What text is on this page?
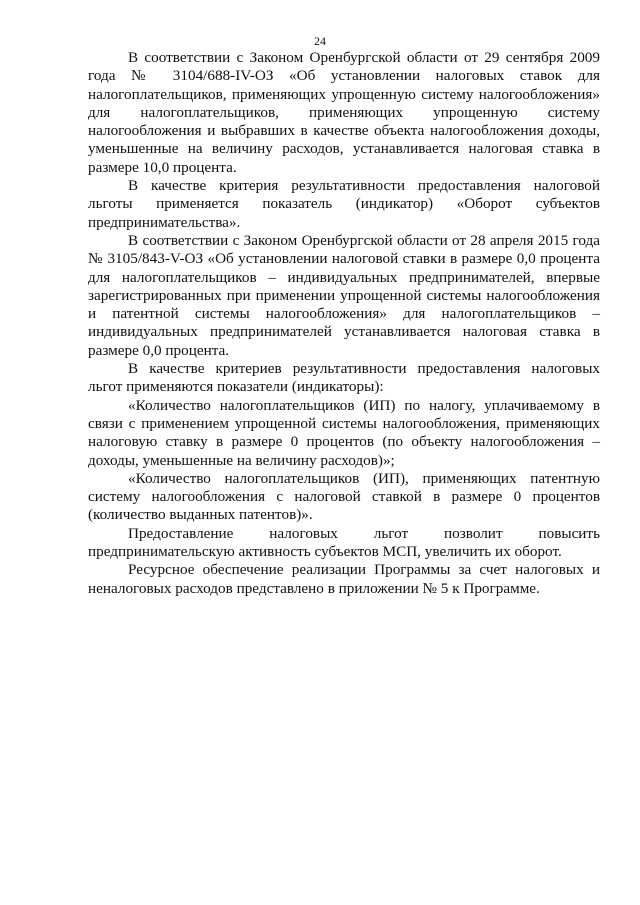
24

В соответствии с Законом Оренбургской области от 29 сентября 2009 года № 3104/688-IV-ОЗ «Об установлении налоговых ставок для налогоплательщиков, применяющих упрощенную систему налогообложения» для налогоплательщиков, применяющих упрощенную систему налогообложения и выбравших в качестве объекта налогообложения доходы, уменьшенные на величину расходов, устанавливается налоговая ставка в размере 10,0 процента.

В качестве критерия результативности предоставления налоговой льготы применяется показатель (индикатор) «Оборот субъектов предпринимательства».

В соответствии с Законом Оренбургской области от 28 апреля 2015 года № 3105/843-V-ОЗ «Об установлении налоговой ставки в размере 0,0 процента для налогоплательщиков – индивидуальных предпринимателей, впервые зарегистрированных при применении упрощенной системы налогообложения и патентной системы налогообложения» для налогоплательщиков – индивидуальных предпринимателей устанавливается налоговая ставка в размере 0,0 процента.

В качестве критериев результативности предоставления налоговых льгот применяются показатели (индикаторы):

«Количество налогоплательщиков (ИП) по налогу, уплачиваемому в связи с применением упрощенной системы налогообложения, применяющих налоговую ставку в размере 0 процентов (по объекту налогообложения – доходы, уменьшенные на величину расходов)»;

«Количество налогоплательщиков (ИП), применяющих патентную систему налогообложения с налоговой ставкой в размере 0 процентов (количество выданных патентов)».

Предоставление налоговых льгот позволит повысить предпринимательскую активность субъектов МСП, увеличить их оборот.

Ресурсное обеспечение реализации Программы за счет налоговых и неналоговых расходов представлено в приложении № 5 к Программе.
